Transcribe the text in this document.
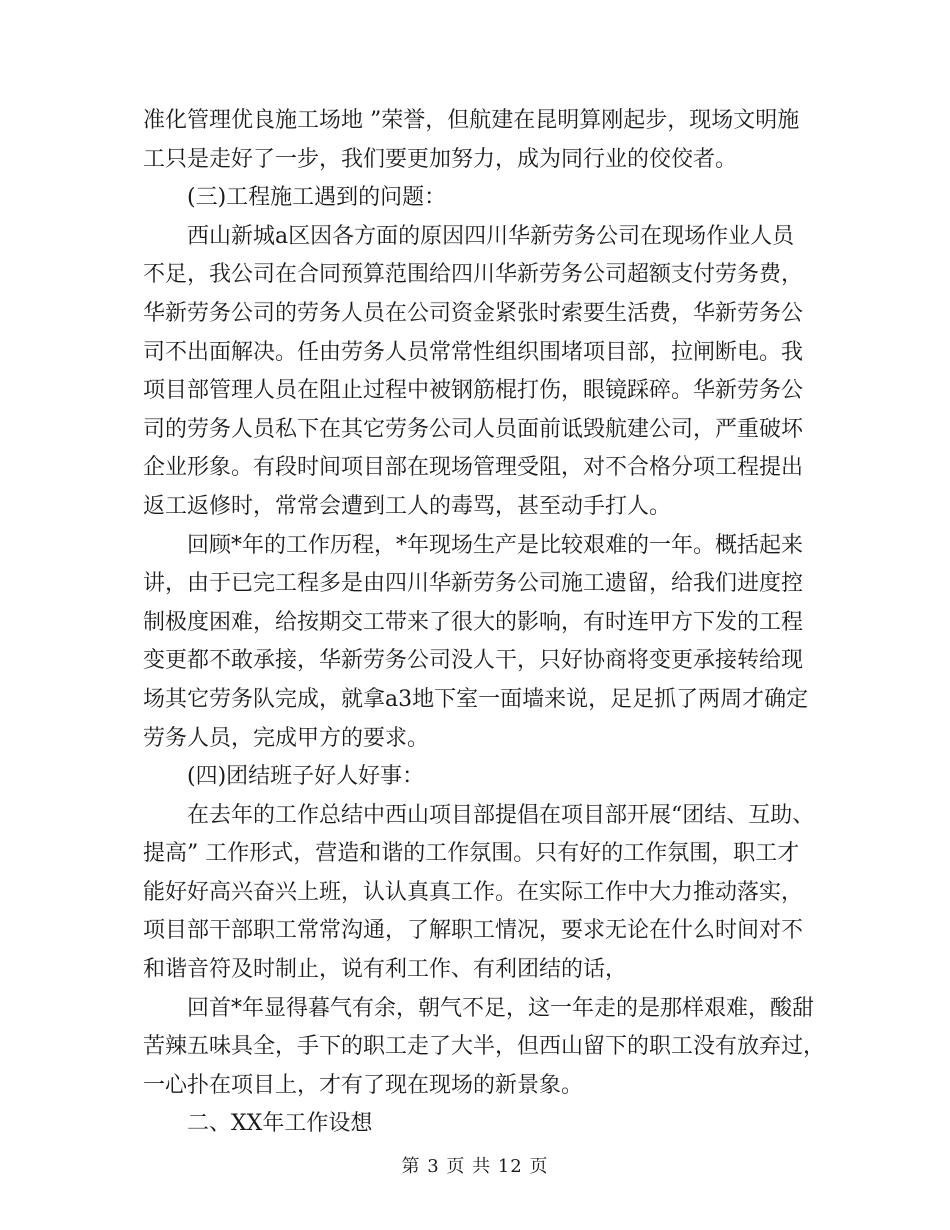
准化管理优良施工场地 ”荣誉，但航建在昆明算刚起步，现场文明施
工只是走好了一步，我们要更加努力，成为同行业的佼佼者。
(三)工程施工遇到的问题：
西山新城a区因各方面的原因四川华新劳务公司在现场作业人员
不足，我公司在合同预算范围给四川华新劳务公司超额支付劳务费，
华新劳务公司的劳务人员在公司资金紧张时索要生活费，华新劳务公
司不出面解决。任由劳务人员常常性组织围堵项目部，拉闸断电。我
项目部管理人员在阻止过程中被钢筋棍打伤，眼镜踩碎。华新劳务公
司的劳务人员私下在其它劳务公司人员面前诋毁航建公司，严重破坏
企业形象。有段时间项目部在现场管理受阻，对不合格分项工程提出
返工返修时，常常会遭到工人的毒骂，甚至动手打人。
回顾*年的工作历程，*年现场生产是比较艰难的一年。概括起来
讲，由于已完工程多是由四川华新劳务公司施工遗留，给我们进度控
制极度困难，给按期交工带来了很大的影响，有时连甲方下发的工程
变更都不敢承接，华新劳务公司没人干，只好协商将变更承接转给现
场其它劳务队完成，就拿a3地下室一面墙来说，足足抓了两周才确定
劳务人员，完成甲方的要求。
(四)团结班子好人好事：
在去年的工作总结中西山项目部提倡在项目部开展“团结、互助、
提高” 工作形式，营造和谐的工作氛围。只有好的工作氛围，职工才
能好好高兴奋兴上班，认认真真工作。在实际工作中大力推动落实，
项目部干部职工常常沟通，了解职工情况，要求无论在什么时间对不
和谐音符及时制止，说有利工作、有利团结的话，
回首*年显得暮气有余，朝气不足，这一年走的是那样艰难，酸甜
苦辣五味具全，手下的职工走了大半，但西山留下的职工没有放弃过，
一心扑在项目上，才有了现在现场的新景象。
二、XX年工作设想
第 3 页 共 12 页
